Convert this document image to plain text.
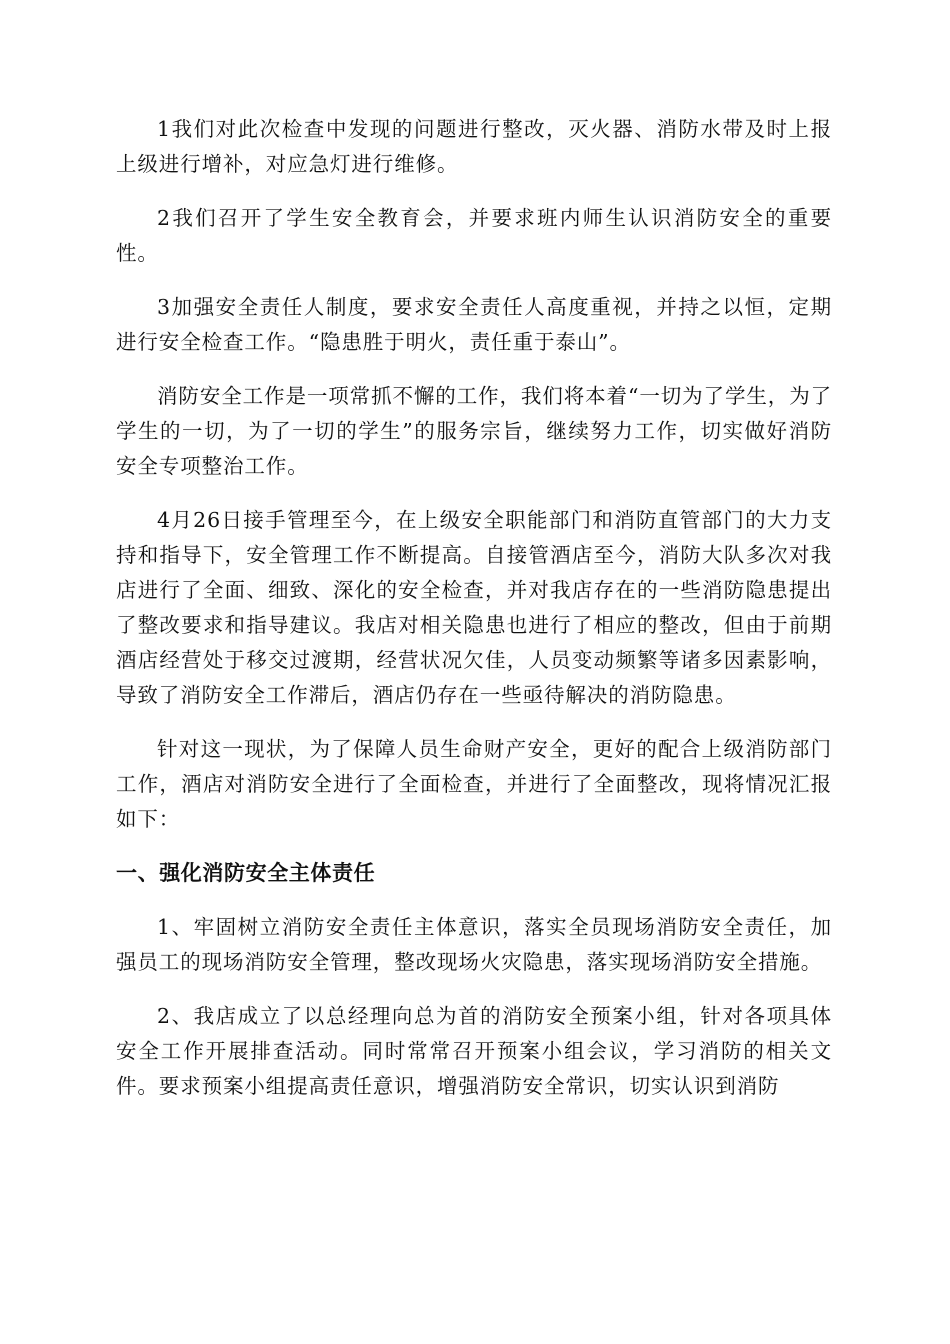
1我们对此次检查中发现的问题进行整改，灭火器、消防水带及时上报上级进行增补，对应急灯进行维修。

2我们召开了学生安全教育会，并要求班内师生认识消防安全的重要性。

3加强安全责任人制度，要求安全责任人高度重视，并持之以恒，定期进行安全检查工作。“隐患胜于明火，责任重于泰山”。

消防安全工作是一项常抓不懈的工作，我们将本着“一切为了学生，为了学生的一切，为了一切的学生”的服务宗旨，继续努力工作，切实做好消防安全专项整治工作。

4月26日接手管理至今，在上级安全职能部门和消防直管部门的大力支持和指导下，安全管理工作不断提高。自接管酒店至今，消防大队多次对我店进行了全面、细致、深化的安全检查，并对我店存在的一些消防隐患提出了整改要求和指导建议。我店对相关隐患也进行了相应的整改，但由于前期酒店经营处于移交过渡期，经营状况欠佳，人员变动频繁等诸多因素影响，导致了消防安全工作滞后，酒店仍存在一些亟待解决的消防隐患。

针对这一现状，为了保障人员生命财产安全，更好的配合上级消防部门工作，酒店对消防安全进行了全面检查，并进行了全面整改，现将情况汇报如下：

一、强化消防安全主体责任

1、牢固树立消防安全责任主体意识，落实全员现场消防安全责任，加强员工的现场消防安全管理，整改现场火灾隐患，落实现场消防安全措施。

2、我店成立了以总经理向总为首的消防安全预案小组，针对各项具体安全工作开展排查活动。同时常常召开预案小组会议，学习消防的相关文件。要求预案小组提高责任意识，增强消防安全常识，切实认识到消防
